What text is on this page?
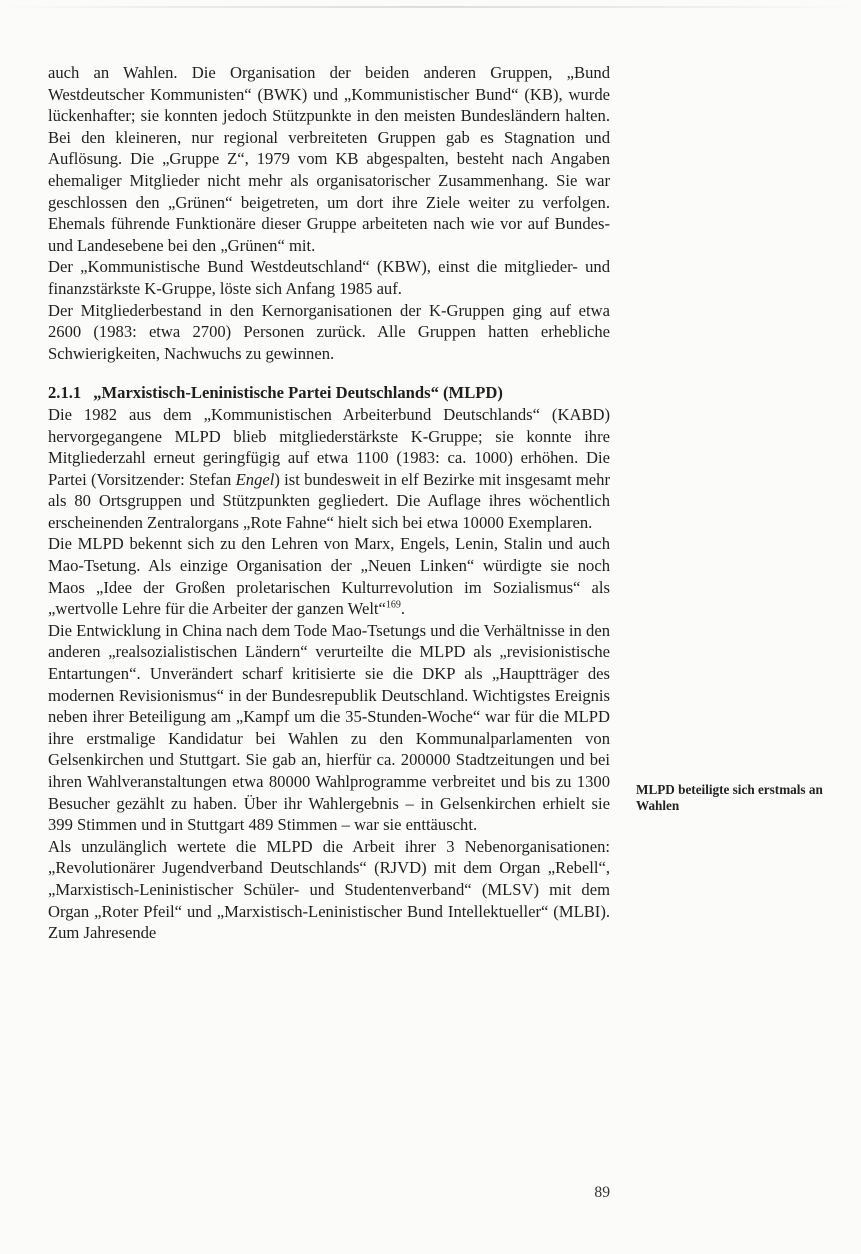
auch an Wahlen. Die Organisation der beiden anderen Gruppen, „Bund Westdeutscher Kommunisten“ (BWK) und „Kommunistischer Bund“ (KB), wurde lückenhafter; sie konnten jedoch Stützpunkte in den meisten Bundesländern halten. Bei den kleineren, nur regional verbreiteten Gruppen gab es Stagnation und Auflösung. Die „Gruppe Z“, 1979 vom KB abgespalten, besteht nach Angaben ehemaliger Mitglieder nicht mehr als organisatorischer Zusammenhang. Sie war geschlossen den „Grünen“ beigetreten, um dort ihre Ziele weiter zu verfolgen. Ehemals führende Funktionäre dieser Gruppe arbeiteten nach wie vor auf Bundes- und Landesebene bei den „Grünen“ mit.

Der „Kommunistische Bund Westdeutschland“ (KBW), einst die mitglieder- und finanzstärkste K-Gruppe, löste sich Anfang 1985 auf.

Der Mitgliederbestand in den Kernorganisationen der K-Gruppen ging auf etwa 2600 (1983: etwa 2700) Personen zurück. Alle Gruppen hatten erhebliche Schwierigkeiten, Nachwuchs zu gewinnen.

2.1.1 „Marxistisch-Leninistische Partei Deutschlands“ (MLPD)

Die 1982 aus dem „Kommunistischen Arbeiterbund Deutschlands“ (KABD) hervorgegangene MLPD blieb mitgliederstärkste K-Gruppe; sie konnte ihre Mitgliederzahl erneut geringfügig auf etwa 1100 (1983: ca. 1000) erhöhen. Die Partei (Vorsitzender: Stefan Engel) ist bundesweit in elf Bezirke mit insgesamt mehr als 80 Ortsgruppen und Stützpunkten gegliedert. Die Auflage ihres wöchentlich erscheinenden Zentralorgans „Rote Fahne“ hielt sich bei etwa 10000 Exemplaren.

Die MLPD bekennt sich zu den Lehren von Marx, Engels, Lenin, Stalin und auch Mao-Tsetung. Als einzige Organisation der „Neuen Linken“ würdigte sie noch Maos „Idee der Großen proletarischen Kulturrevolution im Sozialismus“ als „wertvolle Lehre für die Arbeiter der ganzen Welt“$^{169}$.

Die Entwicklung in China nach dem Tode Mao-Tsetungs und die Verhältnisse in den anderen „realsozialistischen Ländern“ verurteilte die MLPD als „revisionistische Entartungen“. Unverändert scharf kritisierte sie die DKP als „Hauptträger des modernen Revisionismus“ in der Bundesrepublik Deutschland. Wichtigstes Ereignis neben ihrer Beteiligung am „Kampf um die 35-Stunden-Woche“ war für die MLPD ihre erstmalige Kandidatur bei Wahlen zu den Kommunalparlamenten von Gelsenkirchen und Stuttgart. Sie gab an, hierfür ca. 200000 Stadtzeitungen und bei ihren Wahlveranstaltungen etwa 80000 Wahlprogramme verbreitet und bis zu 1300 Besucher gezählt zu haben. Über ihr Wahlergebnis – in Gelsenkirchen erhielt sie 399 Stimmen und in Stuttgart 489 Stimmen – war sie enttäuscht.

Als unzulänglich wertete die MLPD die Arbeit ihrer 3 Nebenorganisationen: „Revolutionärer Jugendverband Deutschlands“ (RJVD) mit dem Organ „Rebell“, „Marxistisch-Leninistischer Schüler- und Studentenverband“ (MLSV) mit dem Organ „Roter Pfeil“ und „Marxistisch-Leninistischer Bund Intellektueller“ (MLBI). Zum Jahresende

MLPD beteiligte sich erstmals an Wahlen
89
